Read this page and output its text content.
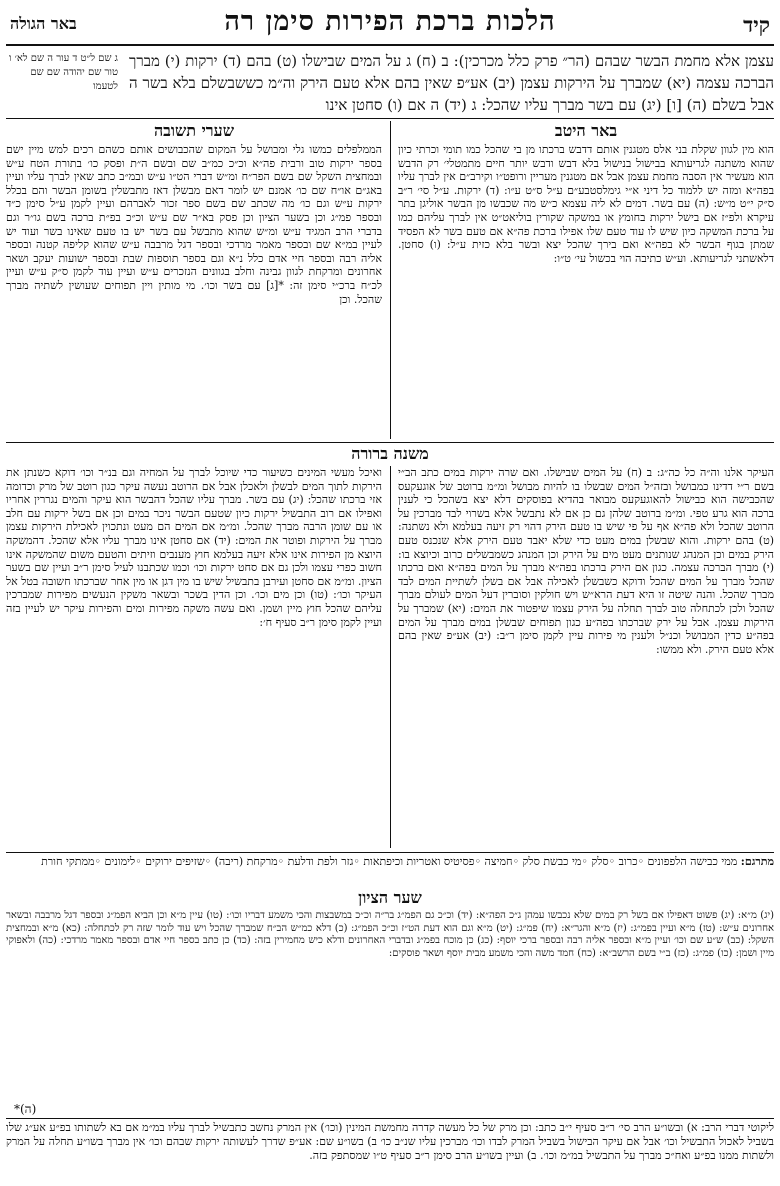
קיד
הלכות ברכת הפירות סימן רה
באר הגולה
ג שם ל״ט ד עור ה שם לא׳ ו טור שם יהודה שם שם לטעמו

עצמן אלא מחמת הבשר שבהם (הר״ פרק כלל מכרכין): ב (ח) ג על המים שבישלו (ט) בהם (ד) ירקות (י) מברך הברכה עצמה (יא) שמברך על הירקות עצמן (יב) אע״פ שאין בהם אלא טעם הירק וה״מ כששבשלם בלא בשר ה אבל בשלם (ה) [ו] (יג) עם בשר מברך עליו שהכל: ג (יד) ה אם (ו) סחטן אינו

באר היטב
שערי תשובה

הוא מין לגוון שקלת בני אלס מטגנין אותם דדבש ברכתו מן בי שהכל כמו תומי וכרתי כיון שהוא משתנה לגריעותא בבישול בנישול בלא דבש ודבש יותר חיים מתמטלי׳ רק הדבש הוא מעשיר אין הסבה מחמת עצמן אבל אם מטגנין מעריין ורופט״ו וקירב״ם אין לברך עליו בפה״א ומזה יש ללמוד כל דיני א״י גימלסטבע״ם ע״ל ס״ט ע״ו: (ד) ירקות. ע״ל סי׳ ר״ב ס״ק י״ט מ״ש: (ה) עם בשר. דמים לא ליה עצמא כ״ש מה שכבשו מן הבשר אוליגן בתר עיקרא ולפ״ז אם בישל ירקות בחומץ או במשקה שקורין בוליאט״ט אין לברך עליהם כמו על ברכת המשקה כיון שיש לו עוד טעם שלו אפילו ברכת פה״א אם טעם בשר לא הפסיד שמתן בגוף הבשר לא בפה״א ואם בירך שהכל יצא ובשר בלא כזית ע״ל: (ו) סחטן. דלאשתני לגריעותא. וע״ש כתיבה הוי בכשול עי׳ ט״ו:

הממלפלים כמשו גלי ומבושל על המקום שהכבושים אותם כשהם רכים למש מיין ישם בספר ירקות טוב ורבית פה״א וכ״כ כמ״ב שם ובשם ה״ת ופסק כו׳ בתורת הטח ע״ש ובמחצית השקל שם בשם הפר״ח ומ״ש דברי הט״ו ע״ש ובמ״ב כתב שאין לברך עליו ועיין באג״ם או״ח שם כו׳ אמנם יש לומר דאם מבשלן דאז מתבשלין בשומן הבשר והם בכלל ירקות ע״ש וגם כו׳ מה שכתב שם בשם ספר זכור לאברהם ועיין לקמן ע״ל סימן כ״ד ובספר פמ״ג וכן בשער הציון וכן פסק בא״ר שם ע״ש וכ״כ בפ״ת ברכה בשם גו״ר וגם בדברי הרב המגיד ע״ש ומ״ש שהוא מתבשל עם בשר יש בו טעם שאינו בשר ועוד יש לעיין במ״א שם ובספר מאמר מרדכי ובספר דגל מרבבה ע״ש שהוא קליפה קטנה ובספר אליה רבה ובספר חיי אדם כלל נ״א וגם בספר תוספות שבת ובספר ישועות יעקב ושאר אחרונים ומרקחת לגוון גבינה וחלב בגוונים הנזכרים ע״ש ועיין עוד לקמן ס״ק ע״ש ועיין לכ״ח ברכ״י סימן זה: *[ג] עם בשר וכו׳. מי מותין ויין תפוחים שעושין לשתיה מברך שהכל. וכן

משנה ברורה

העיקר אלנו וה״ה כל כה״ג: ב (ח) על המים שבישלו. ואם שרה ירקות במים כתב הב״י בשם ר״י דדינו כמבושל ובזה״ל המים שבשלו בו להיות מבושל ומ״מ ברוטב של אוגעקעס שהכבישה הוא כבישול להאוגעקעס מבואר בהדיא בפוסקים דלא יצא בשהכל כי לענין ברכה הוא גרע טפי. ומ״מ ברוטב שלהן גם כן אם לא נתבשל אלא בשרוי לבד מברכין על הרוטב שהכל ולא פה״א אף על פי שיש בו טעם הירק דהוי רק זיעה בעלמא ולא נשתנה: (ט) בהם ירקות. והוא שבשלן במים מעט כדי שלא יאבד טעם הירק אלא שנכנס טעם הירק במים וכן המנהג שנותנים מעט מים על הירק וכן המנהג כשמבשלים כרוב וכיוצא בו: (י) מברך הברכה עצמה. כגון אם הירק ברכתו בפה״א מברך על המים בפה״א ואם ברכתו שהכל מברך על המים שהכל ודוקא כשבשלן לאכילה אבל אם בשלן לשתיית המים לבד מברך שהכל. והנה שיטה זו היא דעת הרא״ש ויש חולקין וסוברין דעל המים לעולם מברך שהכל ולכן לכתחלה טוב לברך תחלה על הירק עצמו שיפטור את המים: (יא) שמברך על הירקות עצמן. אבל על ירק שברכתו בפה״ע כגון תפוחים שבשלן במים מברך על המים בפה״ע כדין המבושל וכנ״ל ולענין מי פירות עיין לקמן סימן ר״ב: (יב) אע״פ שאין בהם אלא טעם הירק. ולא ממשו:

ואיכל מעשי המינים כשיעור כדי שיוכל לברך על המחיה וגם בנ״ר וכו׳ דוקא כשנתן את הירקות לתוך המים לבשלן ולאכלן אבל אם הרוטב נעשה עיקר כגון רוטב של מרק וכדומה אזי ברכתו שהכל: (יג) עם בשר. מברך עליו שהכל דהבשר הוא עיקר והמים נגררין אחריו ואפילו אם רוב התבשיל ירקות כיון שטעם הבשר ניכר במים וכן אם בשל ירקות עם חלב או עם שומן הרבה מברך שהכל. ומ״מ אם המים הם מעט ונתכוין לאכילת הירקות עצמן מברך על הירקות ופוטר את המים: (יד) אם סחטן אינו מברך עליו אלא שהכל. דהמשקה היוצא מן הפירות אינו אלא זיעה בעלמא חוץ מענבים וזיתים והטעם משום שהמשקה אינו חשוב כפרי עצמו ולכן גם אם סחט ירקות וכו׳ וכמו שכתבנו לעיל סימן ר״ב ועיין שם בשער הציון. ומ״מ אם סחטן ועירבן בתבשיל שיש בו מין דגן או מין אחר שברכתו חשובה בטל אל העיקר וכו׳: (טו) וכן מים וכו׳. וכן הדין בשכר ובשאר משקין הנעשים מפירות שמברכין עליהם שהכל חוץ מיין ושמן. ואם עשה משקה מפירות ומים והפירות עיקר יש לעיין בזה ועיין לקמן סימן ר״ב סעיף ח׳:

מתרגם: ממי כבישה הלפפונים ◦כרוב ◦סלק ◦מי כבשת סלק ◦חמיצה ◦פסיטיס ואטריות וכיפתאות ◦גזר ולפת ודלעת ◦מרקחת (ריבה) ◦שזיפים ירוקים ◦לימונים ◦ממתקי חורת
שער הציון

(יג) מ״א: (יג) פשוט דאפילו אם בשל רק במים שלא נכבשו עמהן ג״כ הפה״א: (יד) וכ״כ גם הפמ״ג בר״ה וכ״כ במשבצות והכי משמע דבריו וכו׳: (טו) עיין מ״א וכן הביא הפמ״ג ובספר דגל מרבבה ובשאר אחרונים ע״ש: (טז) מ״א ועיין בפמ״ג: (יז) מ״א והגר״א: (יח) פמ״ג: (יט) מ״א וגם הוא דעת הט״ז וכ״כ הפמ״ג: (כ) דלא כמ״ש הב״ח שמברך שהכל ויש עוד לומר שזה רק לכתחלה: (כא) מ״א ובמחצית השקל: (כב) ש״ע שם וכו׳ ועיין מ״א ובספר אליה רבה ובספר ברכי יוסף: (כג) כן מוכח בפמ״ג ובדברי האחרונים ודלא כיש מחמירין בזה: (כד) כן כתב בספר חיי אדם ובספר מאמר מרדכי: (כה) ולאפוקי מיין ושמן: (כו) פמ״ג: (כז) ב״י בשם הרשב״א: (כח) חמד משה והכי משמע מבית יוסף ושאר פוסקים:

(ה)*

ליקוטי דברי הרב: א) ובשו״ע הרב סי׳ ר״ב סעיף י״ב כתב: וכן מרק של כל מעשה קדרה מחמשת המינין (וכו׳) אין המרק נחשב כתבשיל לברך עליו במ״מ אם בא לשתותו בפ״ע אע״ג שלו בשביל לאכול התבשיל וכו׳ אבל אם עיקר הבישול בשביל המרק לבדו וכו׳ מברכין עליו שנ״ב כו׳ ב) בשו״ע שם: אע״פ שדרך לעשותה ירקות שבהם וכו׳ אין מברך בשו״ע תחלה על המרק ולשתות ממנו בפ״ע ואח״כ מברך על התבשיל במ״מ וכו׳. ב) ועיין בשו״ע הרב סימן ר״ב סעיף ט״ו שמסתפק בזה.
